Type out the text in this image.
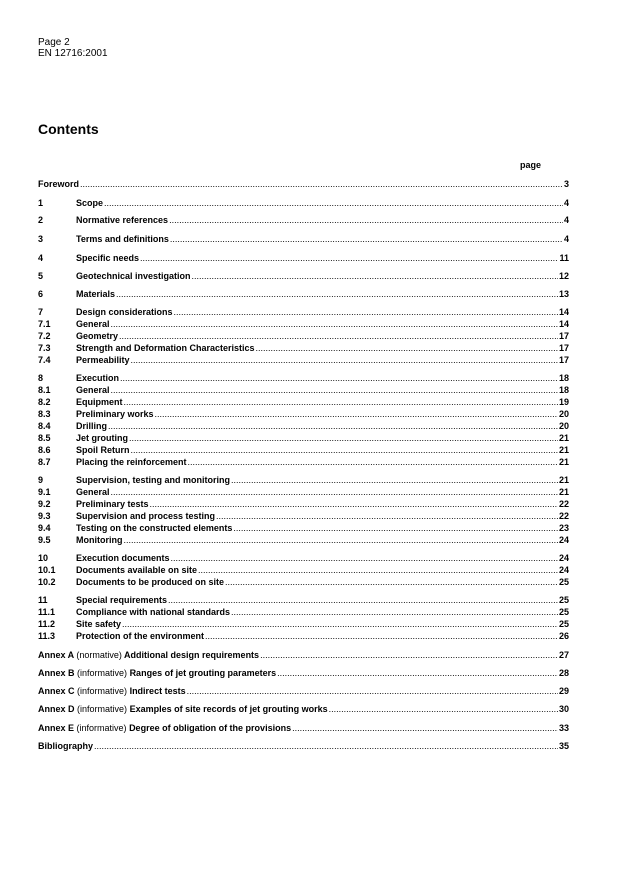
Page 2
EN 12716:2001
Contents
page
Foreword .....	3
1	Scope .....	4
2	Normative references .....	4
3	Terms and definitions .....	4
4	Specific needs .....	11
5	Geotechnical investigation .....	12
6	Materials .....	13
7	Design considerations .....	14
7.1	General .....	14
7.2	Geometry .....	17
7.3	Strength and Deformation Characteristics .....	17
7.4	Permeability .....	17
8	Execution .....	18
8.1	General .....	18
8.2	Equipment .....	19
8.3	Preliminary works .....	20
8.4	Drilling .....	20
8.5	Jet grouting .....	21
8.6	Spoil Return .....	21
8.7	Placing the reinforcement .....	21
9	Supervision, testing and monitoring .....	21
9.1	General .....	21
9.2	Preliminary tests .....	22
9.3	Supervision and process testing .....	22
9.4	Testing on the constructed elements .....	23
9.5	Monitoring .....	24
10	Execution documents .....	24
10.1	Documents available on site .....	24
10.2	Documents to be produced on site .....	25
11	Special requirements .....	25
11.1	Compliance with national standards .....	25
11.2	Site safety .....	25
11.3	Protection of the environment .....	26
Annex A (normative) Additional design requirements .....	27
Annex B (informative) Ranges of jet grouting parameters .....	28
Annex C (informative) Indirect tests .....	29
Annex D (informative) Examples of site records of jet grouting works .....	30
Annex E (informative) Degree of obligation of the provisions .....	33
Bibliography .....	35
